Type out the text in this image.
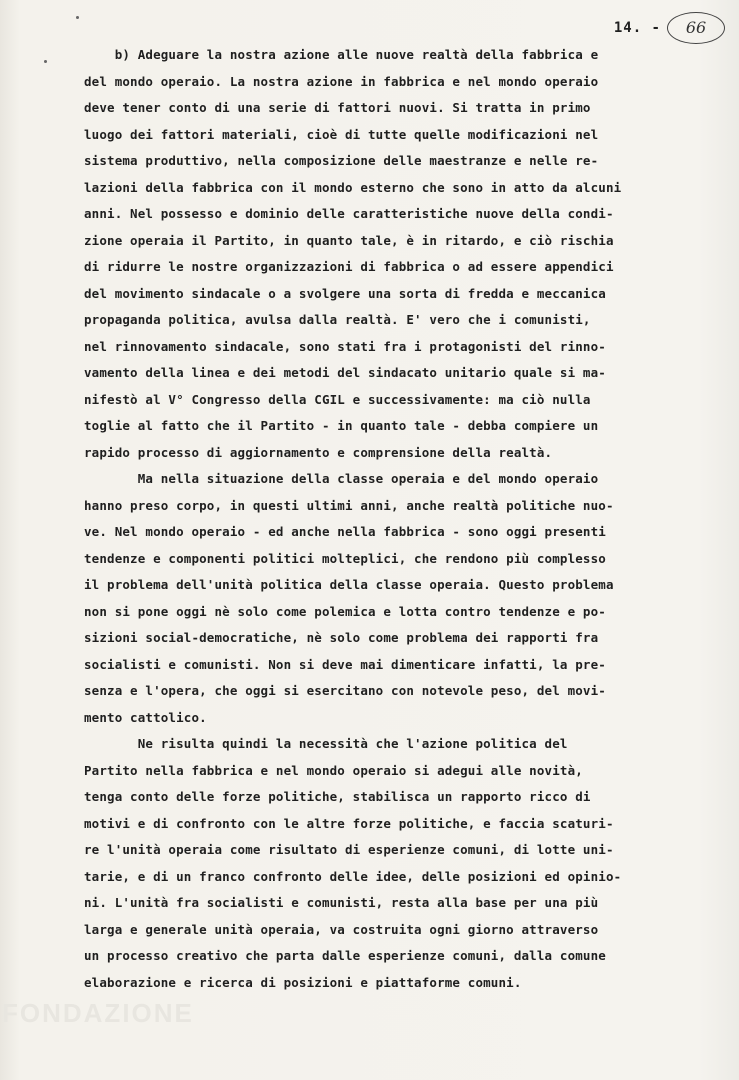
14. -	66
b) Adeguare la nostra azione alle nuove realtà della fabbrica e
del mondo operaio. La nostra azione in fabbrica e nel mondo operaio
deve tener conto di una serie di fattori nuovi. Si tratta in primo
luogo dei fattori materiali, cioè di tutte quelle modificazioni nel
sistema produttivo, nella composizione delle maestranze e nelle re-
lazioni della fabbrica con il mondo esterno che sono in atto da alcuni
anni. Nel possesso e dominio delle caratteristiche nuove della condi-
zione operaia il Partito, in quanto tale, è in ritardo, e ciò rischia
di ridurre le nostre organizzazioni di fabbrica o ad essere appendici
del movimento sindacale o a svolgere una sorta di fredda e meccanica
propaganda politica, avulsa dalla realtà. E' vero che i comunisti,
nel rinnovamento sindacale, sono stati fra i protagonisti del rinno-
vamento della linea e dei metodi del sindacato unitario quale si ma-
nifestò al V° Congresso della CGIL e successivamente: ma ciò nulla
toglie al fatto che il Partito - in quanto tale - debba compiere un
rapido processo di aggiornamento e comprensione della realtà.
Ma nella situazione della classe operaia e del mondo operaio
hanno preso corpo, in questi ultimi anni, anche realtà politiche nuo-
ve. Nel mondo operaio - ed anche nella fabbrica - sono oggi presenti
tendenze e componenti politici molteplici, che rendono più complesso
il problema dell'unità politica della classe operaia. Questo problema
non si pone oggi nè solo come polemica e lotta contro tendenze e po-
sizioni social-democratiche, nè solo come problema dei rapporti fra
socialisti e comunisti. Non si deve mai dimenticare infatti, la pre-
senza e l'opera, che oggi si esercitano con notevole peso, del movi-
mento cattolico.
Ne risulta quindi la necessità che l'azione politica del
Partito nella fabbrica e nel mondo operaio si adegui alle novità,
tenga conto delle forze politiche, stabilisca un rapporto ricco di
motivi e di confronto con le altre forze politiche, e faccia scaturi-
re l'unità operaia come risultato di esperienze comuni, di lotte uni-
tarie, e di un franco confronto delle idee, delle posizioni ed opinio-
ni. L'unità fra socialisti e comunisti, resta alla base per una più
larga e generale unità operaia, va costruita ogni giorno attraverso
un processo creativo che parta dalle esperienze comuni, dalla comune
elaborazione e ricerca di posizioni e piattaforme comuni.
FONDAZIONE
